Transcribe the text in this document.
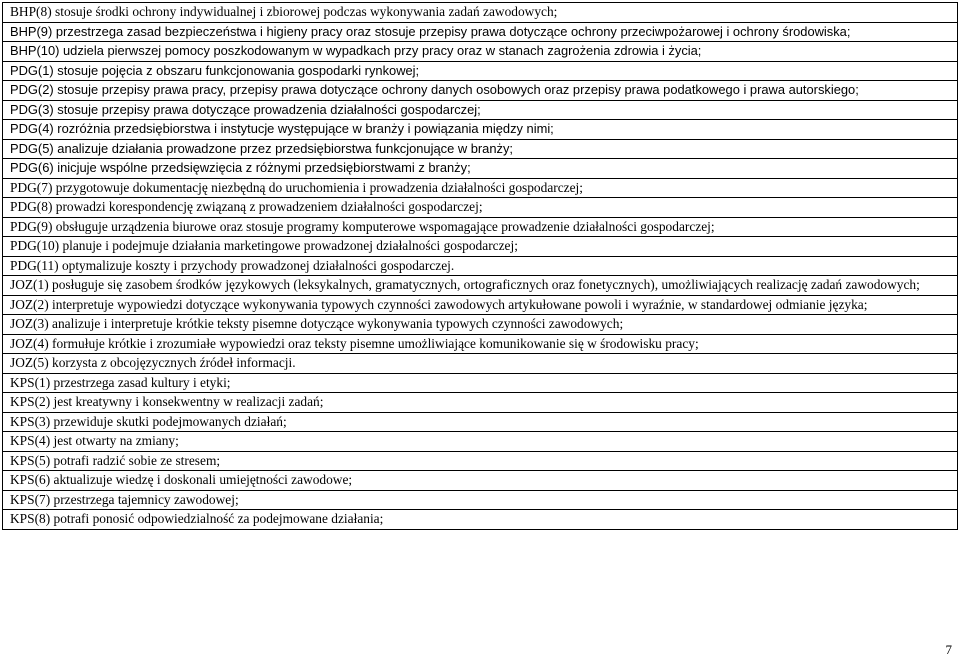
BHP(8) stosuje środki ochrony indywidualnej i zbiorowej podczas wykonywania zadań zawodowych;
BHP(9) przestrzega zasad bezpieczeństwa i higieny pracy oraz stosuje przepisy prawa dotyczące ochrony przeciwpożarowej i ochrony środowiska;
BHP(10) udziela pierwszej pomocy poszkodowanym w wypadkach przy pracy oraz w stanach zagrożenia zdrowia i życia;
PDG(1) stosuje pojęcia z obszaru funkcjonowania gospodarki rynkowej;
PDG(2) stosuje przepisy prawa pracy, przepisy prawa dotyczące ochrony danych osobowych oraz przepisy prawa podatkowego i prawa autorskiego;
PDG(3) stosuje przepisy prawa dotyczące prowadzenia działalności gospodarczej;
PDG(4) rozróżnia przedsiębiorstwa i instytucje występujące w branży i powiązania między nimi;
PDG(5) analizuje działania prowadzone przez przedsiębiorstwa funkcjonujące w branży;
PDG(6) inicjuje wspólne przedsięwzięcia z różnymi przedsiębiorstwami z branży;
PDG(7) przygotowuje dokumentację niezbędną do uruchomienia i prowadzenia działalności gospodarczej;
PDG(8) prowadzi korespondencję związaną z prowadzeniem działalności gospodarczej;
PDG(9) obsługuje urządzenia biurowe oraz stosuje programy komputerowe wspomagające prowadzenie działalności gospodarczej;
PDG(10) planuje i podejmuje działania marketingowe prowadzonej działalności gospodarczej;
PDG(11) optymalizuje koszty i przychody prowadzonej działalności gospodarczej.
JOZ(1) posługuje się zasobem środków językowych (leksykalnych, gramatycznych, ortograficznych oraz fonetycznych), umożliwiających realizację zadań zawodowych;
JOZ(2) interpretuje wypowiedzi dotyczące wykonywania typowych czynności zawodowych artykułowane powoli i wyraźnie, w standardowej odmianie języka;
JOZ(3) analizuje i interpretuje krótkie teksty pisemne dotyczące wykonywania typowych czynności zawodowych;
JOZ(4) formułuje krótkie i zrozumiałe wypowiedzi oraz teksty pisemne umożliwiające komunikowanie się w środowisku pracy;
JOZ(5) korzysta z obcojęzycznych źródeł informacji.
KPS(1) przestrzega zasad kultury i etyki;
KPS(2) jest kreatywny i konsekwentny w realizacji zadań;
KPS(3) przewiduje skutki podejmowanych działań;
KPS(4) jest otwarty na zmiany;
KPS(5) potrafi radzić sobie ze stresem;
KPS(6) aktualizuje wiedzę i doskonali umiejętności zawodowe;
KPS(7) przestrzega tajemnicy zawodowej;
KPS(8) potrafi ponosić odpowiedzialność za podejmowane działania;
7
